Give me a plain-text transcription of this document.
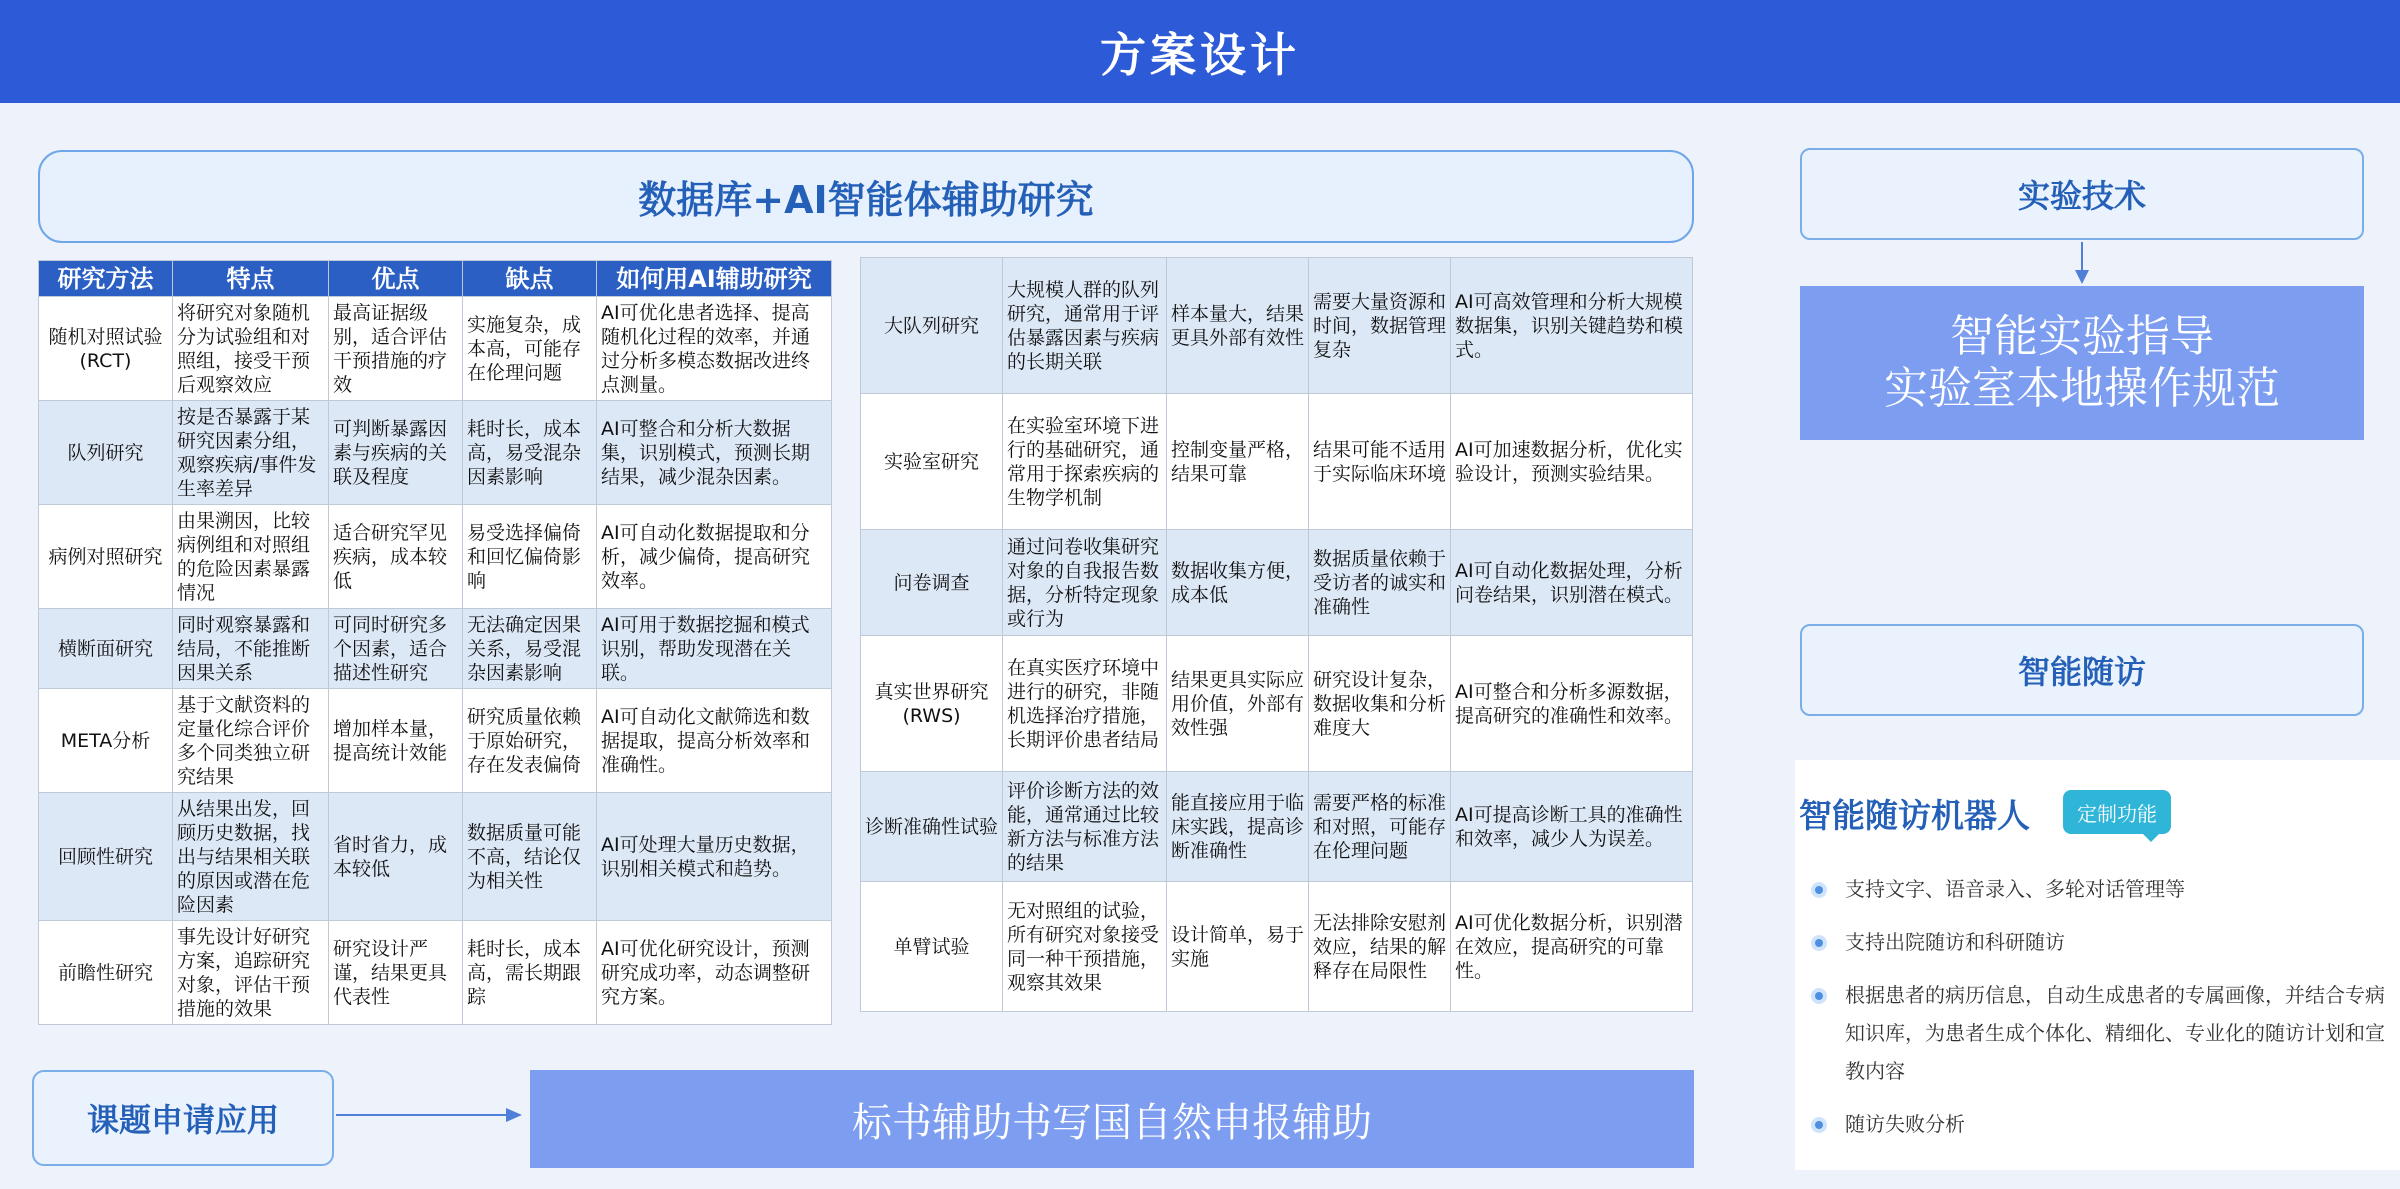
方案设计
数据库+AI智能体辅助研究
研究方法	特点	优点	缺点	如何用AI辅助研究
随机对照试验(RCT)	将研究对象随机分为试验组和对照组，接受干预后观察效应	最高证据级别，适合评估干预措施的疗效	实施复杂，成本高，可能存在伦理问题	AI可优化患者选择、提高随机化过程的效率，并通过分析多模态数据改进终点测量。
队列研究	按是否暴露于某研究因素分组，观察疾病/事件发生率差异	可判断暴露因素与疾病的关联及程度	耗时长，成本高，易受混杂因素影响	AI可整合和分析大数据集，识别模式，预测长期结果，减少混杂因素。
病例对照研究	由果溯因，比较病例组和对照组的危险因素暴露情况	适合研究罕见疾病，成本较低	易受选择偏倚和回忆偏倚影响	AI可自动化数据提取和分析，减少偏倚，提高研究效率。
横断面研究	同时观察暴露和结局，不能推断因果关系	可同时研究多个因素，适合描述性研究	无法确定因果关系，易受混杂因素影响	AI可用于数据挖掘和模式识别，帮助发现潜在关联。
META分析	基于文献资料的定量化综合评价多个同类独立研究结果	增加样本量，提高统计效能	研究质量依赖于原始研究，存在发表偏倚	AI可自动化文献筛选和数据提取，提高分析效率和准确性。
回顾性研究	从结果出发，回顾历史数据，找出与结果相关联的原因或潜在危险因素	省时省力，成本较低	数据质量可能不高，结论仅为相关性	AI可处理大量历史数据，识别相关模式和趋势。
前瞻性研究	事先设计好研究方案，追踪研究对象，评估干预措施的效果	研究设计严谨，结果更具代表性	耗时长，成本高，需长期跟踪	AI可优化研究设计，预测研究成功率，动态调整研究方案。
大队列研究	大规模人群的队列研究，通常用于评估暴露因素与疾病的长期关联	样本量大，结果更具外部有效性	需要大量资源和时间，数据管理复杂	AI可高效管理和分析大规模数据集，识别关键趋势和模式。
实验室研究	在实验室环境下进行的基础研究，通常用于探索疾病的生物学机制	控制变量严格，结果可靠	结果可能不适用于实际临床环境	AI可加速数据分析，优化实验设计，预测实验结果。
问卷调查	通过问卷收集研究对象的自我报告数据，分析特定现象或行为	数据收集方便，成本低	数据质量依赖于受访者的诚实和准确性	AI可自动化数据处理，分析问卷结果，识别潜在模式。
真实世界研究(RWS)	在真实医疗环境中进行的研究，非随机选择治疗措施，长期评价患者结局	结果更具实际应用价值，外部有效性强	研究设计复杂，数据收集和分析难度大	AI可整合和分析多源数据，提高研究的准确性和效率。
诊断准确性试验	评价诊断方法的效能，通常通过比较新方法与标准方法的结果	能直接应用于临床实践，提高诊断准确性	需要严格的标准和对照，可能存在伦理问题	AI可提高诊断工具的准确性和效率，减少人为误差。
单臂试验	无对照组的试验，所有研究对象接受同一种干预措施，观察其效果	设计简单，易于实施	无法排除安慰剂效应，结果的解释存在局限性	AI可优化数据分析，识别潜在效应，提高研究的可靠性。
实验技术
智能实验指导
实验室本地操作规范
智能随访
智能随访机器人	定制功能
支持文字、语音录入、多轮对话管理等
支持出院随访和科研随访
根据患者的病历信息，自动生成患者的专属画像，并结合专病知识库，为患者生成个体化、精细化、专业化的随访计划和宣教内容
随访失败分析
课题申请应用	标书辅助书写国自然申报辅助
